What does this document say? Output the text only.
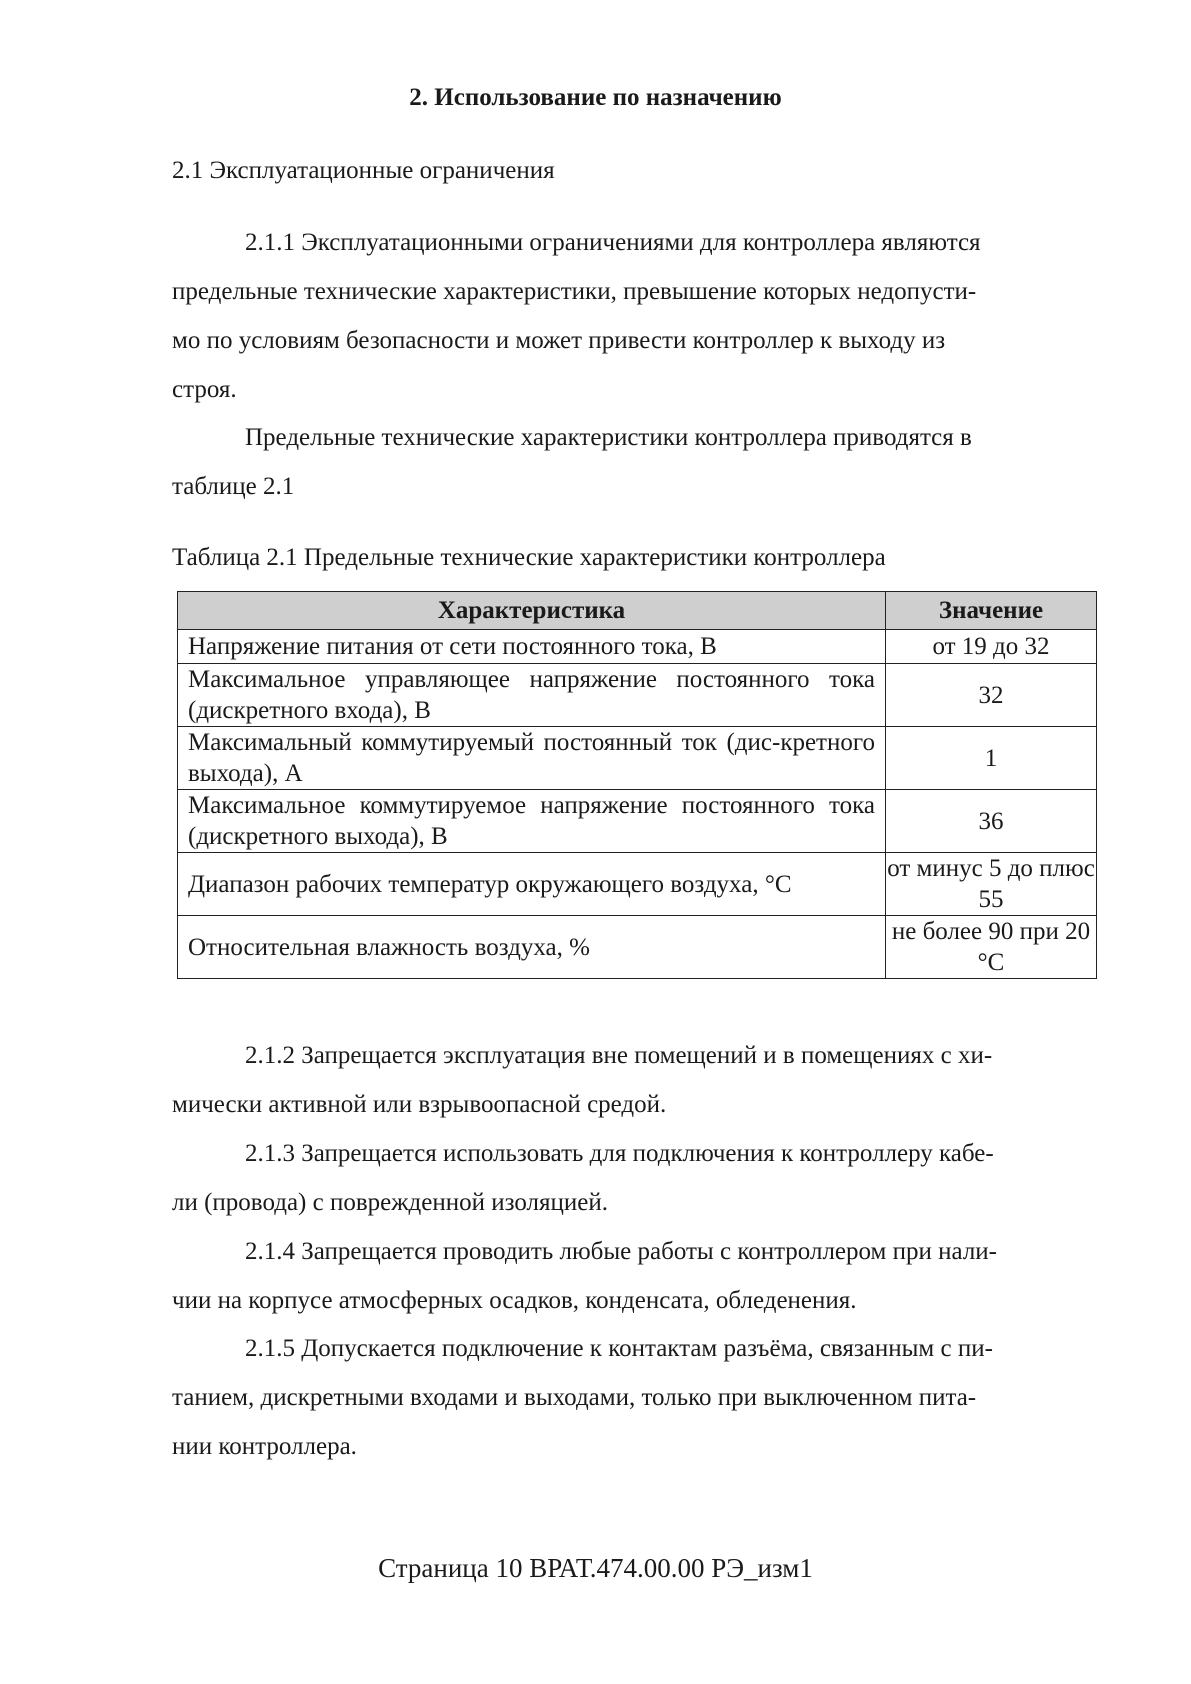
2. Использование по назначению
2.1 Эксплуатационные ограничения
2.1.1 Эксплуатационными ограничениями для контроллера являются
предельные технические характеристики, превышение которых недопусти-
мо по условиям безопасности и может привести контроллер к выходу из
строя.
Предельные технические характеристики контроллера приводятся в
таблице 2.1
Таблица 2.1 Предельные технические характеристики контроллера
Характеристика	Значение
Напряжение питания от сети постоянного тока, В	от 19 до 32
Максимальное управляющее напряжение постоянного тока (дискретного входа), В	32
Максимальный коммутируемый постоянный ток (дис-кретного выхода), А	1
Максимальное коммутируемое напряжение постоянного тока (дискретного выхода), В	36
Диапазон рабочих температур окружающего воздуха, °С	от минус 5 до плюс 55
Относительная влажность воздуха, %	не более 90 при 20 °С
2.1.2 Запрещается эксплуатация вне помещений и в помещениях с хи-
мически активной или взрывоопасной средой.
2.1.3 Запрещается использовать для подключения к контроллеру кабе-
ли (провода) с поврежденной изоляцией.
2.1.4 Запрещается проводить любые работы с контроллером при нали-
чии на корпусе атмосферных осадков, конденсата, обледенения.
2.1.5 Допускается подключение к контактам разъёма, связанным с пи-
танием, дискретными входами и выходами, только при выключенном пита-
нии контроллера.
Страница 10 ВРАТ.474.00.00 РЭ_изм1
